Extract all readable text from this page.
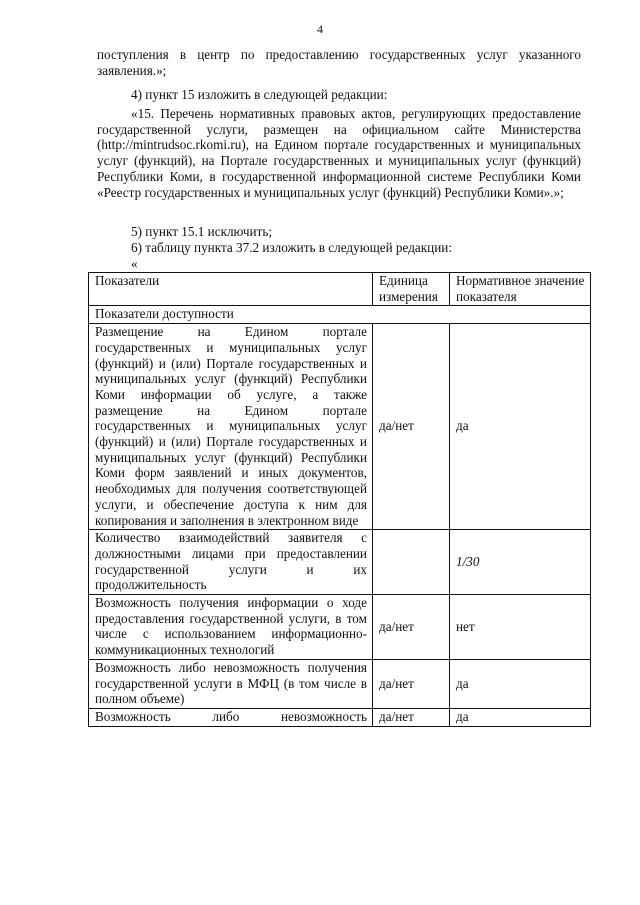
4
поступления в центр по предоставлению государственных услуг указанного заявления.»;
4) пункт 15 изложить в следующей редакции:
«15. Перечень нормативных правовых актов, регулирующих предоставление государственной услуги, размещен на официальном сайте Министерства (http://mintrudsoc.rkomi.ru), на Едином портале государственных и муниципальных услуг (функций), на Портале государственных и муниципальных услуг (функций) Республики Коми, в государственной информационной системе Республики Коми «Реестр государственных и муниципальных услуг (функций) Республики Коми».»;
5) пункт 15.1 исключить;
6) таблицу пункта 37.2 изложить в следующей редакции:
«
Показатели	Единица измерения	Нормативное значение показателя
Показатели доступности		
Размещение на Едином портале государственных и муниципальных услуг (функций) и (или) Портале государственных и муниципальных услуг (функций) Республики Коми информации об услуге, а также размещение на Едином портале государственных и муниципальных услуг (функций) и (или) Портале государственных и муниципальных услуг (функций) Республики Коми форм заявлений и иных документов, необходимых для получения соответствующей услуги, и обеспечение доступа к ним для копирования и заполнения в электронном виде	да/нет	да
Количество взаимодействий заявителя с должностными лицами при предоставлении государственной услуги и их продолжительность		1/30
Возможность получения информации о ходе предоставления государственной услуги, в том числе с использованием информационно-коммуникационных технологий	да/нет	нет
Возможность либо невозможность получения государственной услуги в МФЦ (в том числе в полном объеме)	да/нет	да
Возможность либо невозможность	да/нет	да
